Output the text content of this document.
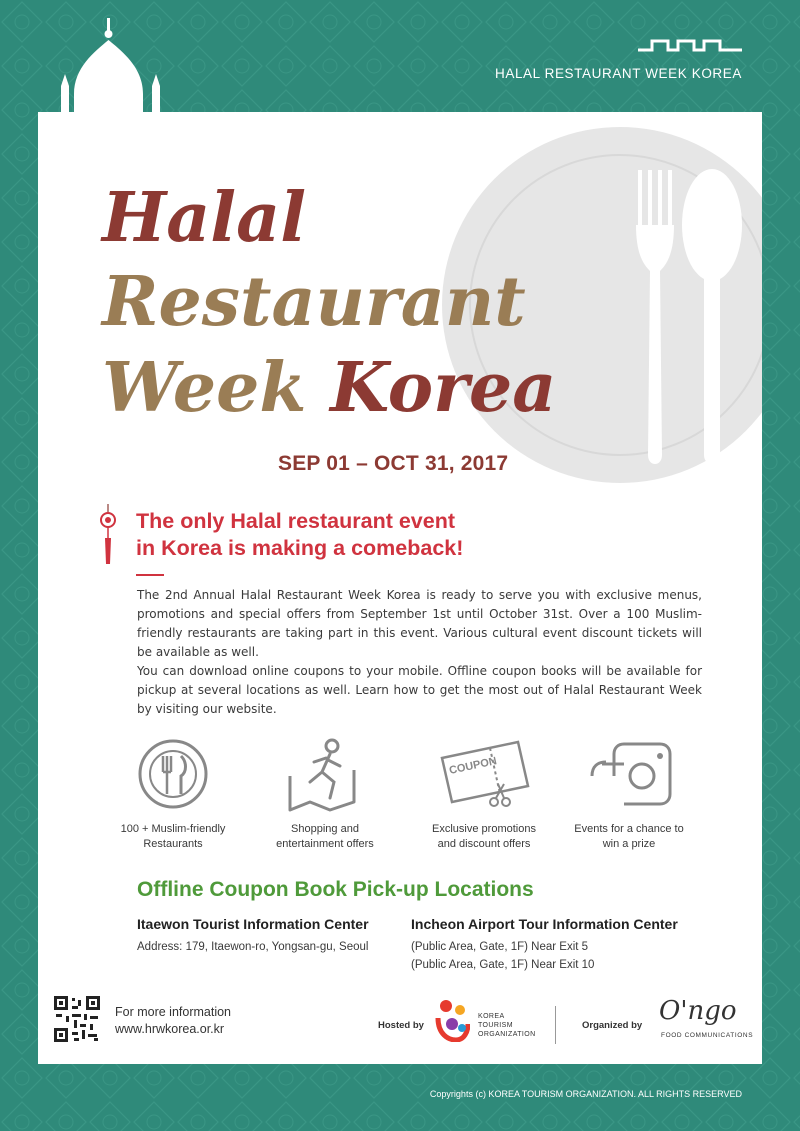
HALAL RESTAURANT WEEK KOREA
Halal
Restaurant
Week Korea
SEP 01 – OCT 31, 2017
The only Halal restaurant event
in Korea is making a comeback!

The 2nd Annual Halal Restaurant Week Korea is ready to serve you with exclusive menus, promotions and special offers from September 1st until October 31st. Over a 100 Muslim-friendly restaurants are taking part in this event. Various cultural event discount tickets will be available as well.

You can download online coupons to your mobile. Offline coupon books will be available for pickup at several locations as well. Learn how to get the most out of Halal Restaurant Week by visiting our website.

100 + Muslim-friendly
Restaurants
Shopping and
entertainment offers
COUPON
Exclusive promotions
and discount offers
Events for a chance to
win a prize
Offline Coupon Book Pick-up Locations
Itaewon Tourist Information Center
Address: 179, Itaewon-ro, Yongsan-gu, Seoul
Incheon Airport Tour Information Center
(Public Area, Gate, 1F) Near Exit 5
(Public Area, Gate, 1F) Near Exit 10
For more information
www.hrwkorea.or.kr	Hosted by
KOREA
TOURISM
ORGANIZATION
Organized by O'ngo
FOOD COMMUNICATIONS
Copyrights (c) KOREA TOURISM ORGANIZATION. ALL RIGHTS RESERVED
